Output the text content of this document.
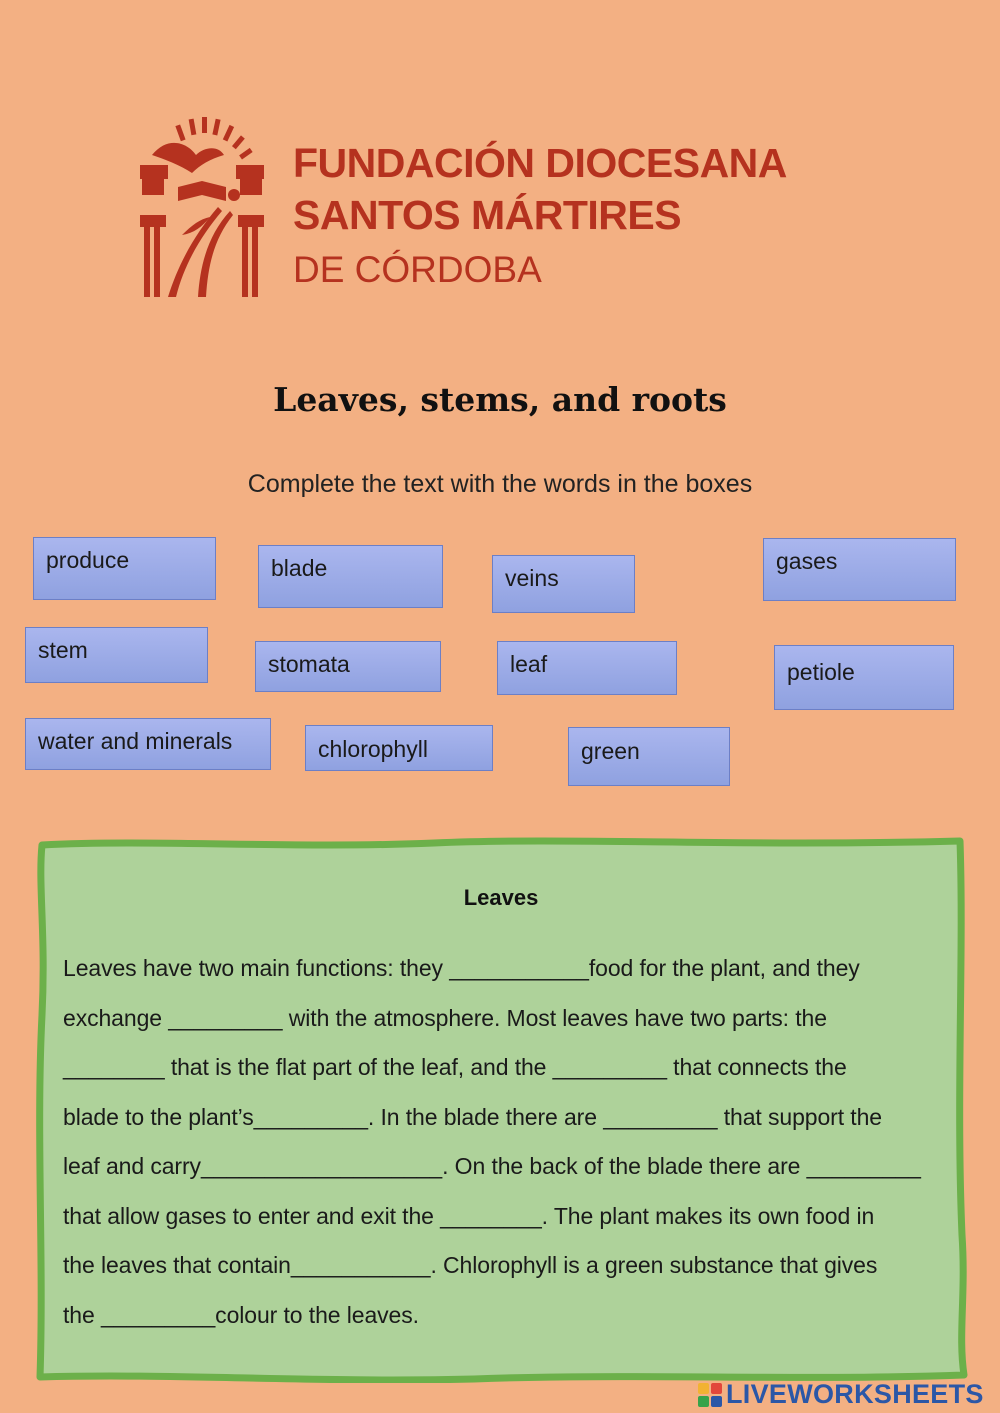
FUNDACIÓN DIOCESANA
SANTOS MÁRTIRES
DE CÓRDOBA
Leaves, stems, and roots
Complete the text with the words in the boxes
produce	blade	veins
gases
stem
stomata	leaf	petiole
water and minerals	chlorophyll	green
Leaves
Leaves have two main functions: they ___________food for the plant, and they
exchange _________ with the atmosphere. Most leaves have two parts: the
________ that is the flat part of the leaf, and the _________ that connects the
blade to the plant’s_________. In the blade there are _________ that support the
leaf and carry___________________. On the back of the blade there are _________
that allow gases to enter and exit the ________. The plant makes its own food in
the leaves that contain___________. Chlorophyll is a green substance that gives
the _________colour to the leaves.
LIVEWORKSHEETS
